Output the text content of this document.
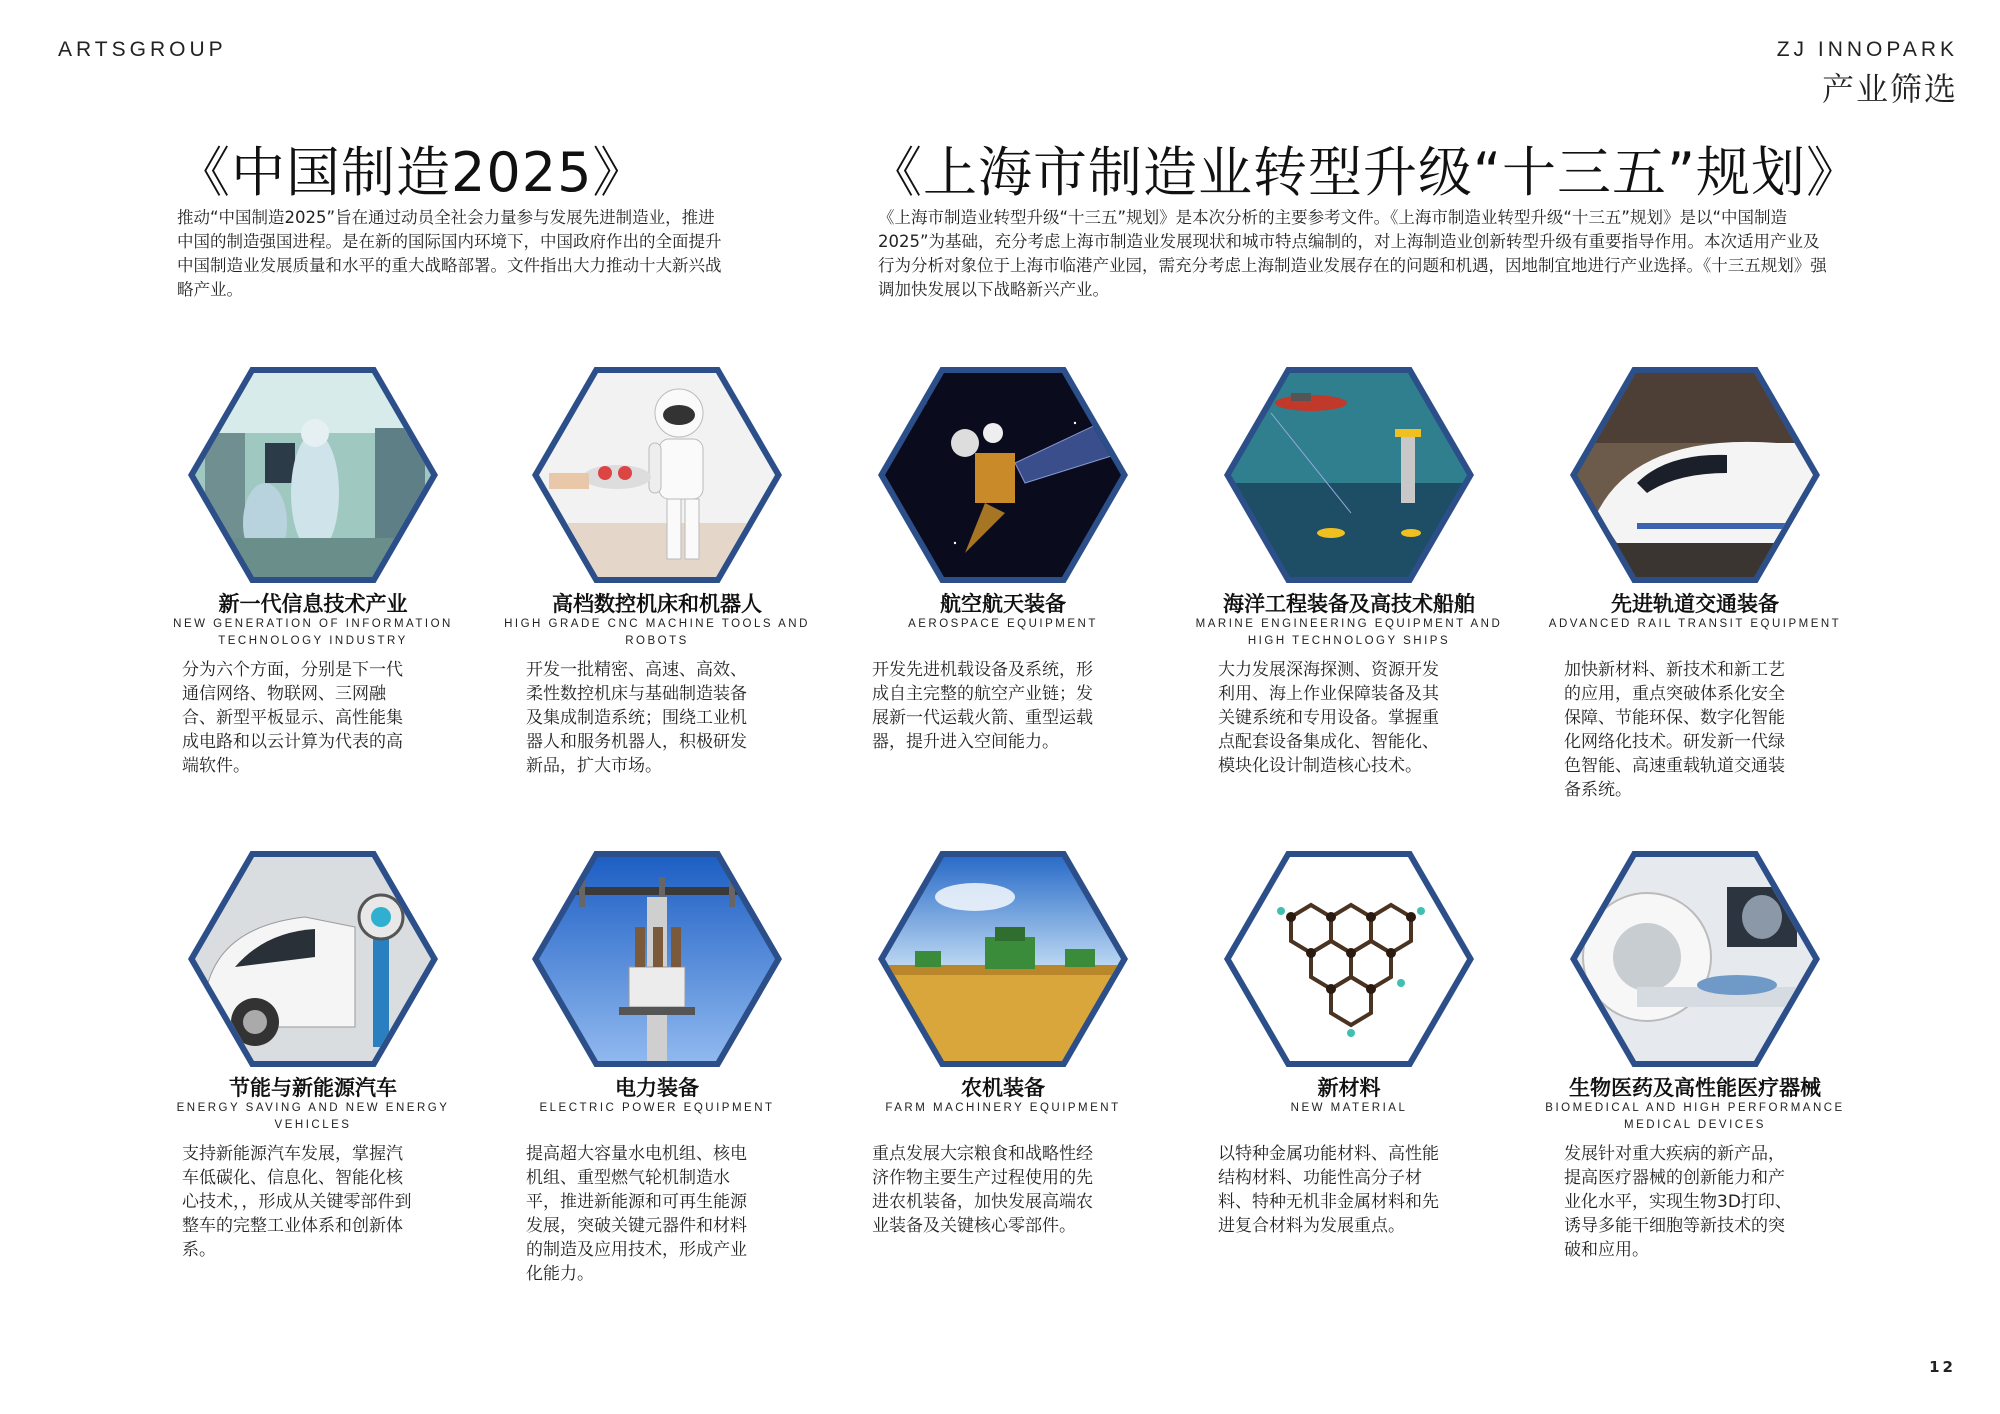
ARTSGROUP	ZJ INNOPARK
产业筛选
《中国制造2025》
推动“中国制造2025”旨在通过动员全社会力量参与发展先进制造业，推进中国的制造强国进程。是在新的国际国内环境下，中国政府作出的全面提升中国制造业发展质量和水平的重大战略部署。文件指出大力推动十大新兴战略产业。
《上海市制造业转型升级“十三五”规划》
《上海市制造业转型升级“十三五”规划》是本次分析的主要参考文件。《上海市制造业转型升级“十三五”规划》是以“中国制造2025”为基础，充分考虑上海市制造业发展现状和城市特点编制的，对上海制造业创新转型升级有重要指导作用。本次适用产业及行为分析对象位于上海市临港产业园，需充分考虑上海制造业发展存在的问题和机遇，因地制宜地进行产业选择。《十三五规划》强调加快发展以下战略新兴产业。
新一代信息技术产业
NEW GENERATION OF INFORMATION TECHNOLOGY INDUSTRY
分为六个方面，分别是下一代通信网络、物联网、三网融合、新型平板显示、高性能集成电路和以云计算为代表的高端软件。
高档数控机床和机器人
HIGH GRADE CNC MACHINE TOOLS AND ROBOTS
开发一批精密、高速、高效、柔性数控机床与基础制造装备及集成制造系统；围绕工业机器人和服务机器人，积极研发新品，扩大市场。
航空航天装备
AEROSPACE EQUIPMENT
开发先进机载设备及系统，形成自主完整的航空产业链；发展新一代运载火箭、重型运载器，提升进入空间能力。
海洋工程装备及高技术船舶
MARINE ENGINEERING EQUIPMENT AND HIGH TECHNOLOGY SHIPS
大力发展深海探测、资源开发利用、海上作业保障装备及其关键系统和专用设备。掌握重点配套设备集成化、智能化、模块化设计制造核心技术。
先进轨道交通装备
ADVANCED RAIL TRANSIT EQUIPMENT
加快新材料、新技术和新工艺的应用，重点突破体系化安全保障、节能环保、数字化智能化网络化技术。研发新一代绿色智能、高速重载轨道交通装备系统。
节能与新能源汽车
ENERGY SAVING AND NEW ENERGY VEHICLES
支持新能源汽车发展，掌握汽车低碳化、信息化、智能化核心技术，，形成从关键零部件到整车的完整工业体系和创新体系。
电力装备
ELECTRIC POWER EQUIPMENT
提高超大容量水电机组、核电机组、重型燃气轮机制造水平，推进新能源和可再生能源发展，突破关键元器件和材料的制造及应用技术，形成产业化能力。
农机装备
FARM MACHINERY EQUIPMENT
重点发展大宗粮食和战略性经济作物主要生产过程使用的先进农机装备，加快发展高端农业装备及关键核心零部件。
新材料
NEW MATERIAL
以特种金属功能材料、高性能结构材料、功能性高分子材料、特种无机非金属材料和先进复合材料为发展重点。
生物医药及高性能医疗器械
BIOMEDICAL AND HIGH PERFORMANCE MEDICAL DEVICES
发展针对重大疾病的新产品，提高医疗器械的创新能力和产业化水平，实现生物3D打印、诱导多能干细胞等新技术的突破和应用。
12
